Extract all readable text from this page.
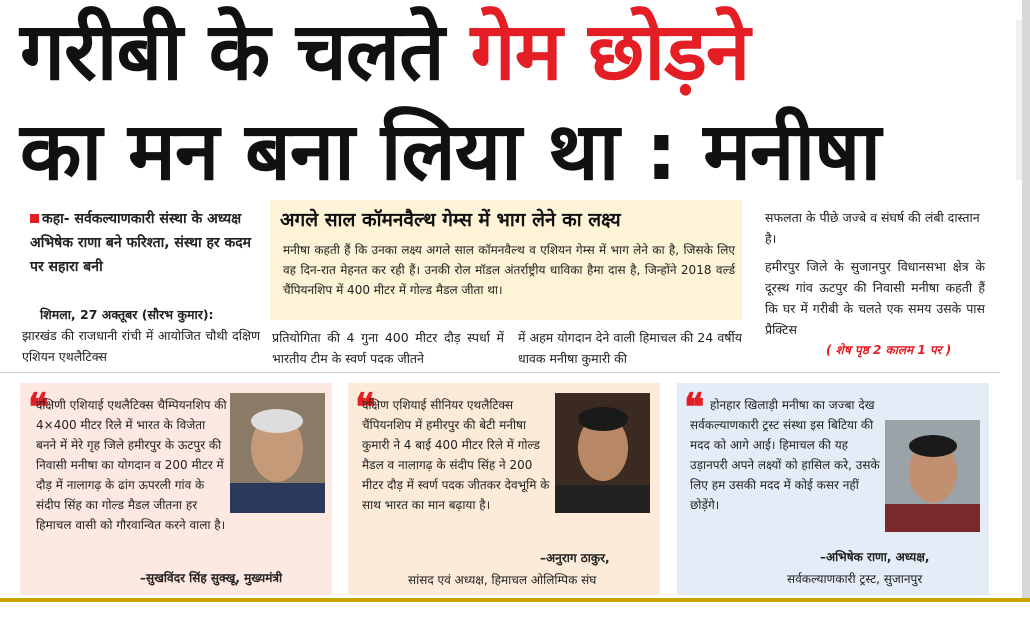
गरीबी के चलते गेम छोड़ने
का मन बना लिया था : मनीषा
कहा- सर्वकल्याणकारी संस्था के अध्यक्ष अभिषेक राणा बने फरिश्ता, संस्था हर कदम पर सहारा बनी
शिमला, 27 अक्तूबर (सौरभ कुमार):
झारखंड की राजधानी रांची में आयोजित चौथी दक्षिण एशियन एथलैटिक्स
अगले साल कॉमनवैल्थ गेम्स में भाग लेने का लक्ष्य
मनीषा कहती हैं कि उनका लक्ष्य अगले साल कॉमनवैल्थ व एशियन गेम्स में भाग लेने का है, जिसके लिए वह दिन-रात मेहनत कर रही हैं। उनकी रोल मॉडल अंतर्राष्ट्रीय धाविका हैमा दास है, जिन्होंने 2018 वर्ल्ड चैंपियनशिप में 400 मीटर में गोल्ड मैडल जीता था।
प्रतियोगिता की 4 गुना 400 मीटर दौड़ स्पर्धा में भारतीय टीम के स्वर्ण पदक जीतने
में अहम योगदान देने वाली हिमाचल की 24 वर्षीय धावक मनीषा कुमारी की
सफलता के पीछे जज्बे व संघर्ष की लंबी दास्तान है।
हमीरपुर जिले के सुजानपुर विधानसभा क्षेत्र के दूरस्थ गांव ऊटपुर की निवासी मनीषा कहती हैं कि घर में गरीबी के चलते एक समय उसके पास प्रैक्टिस
( शेष पृष्ठ 2 कालम 1 पर )
❝
दक्षिणी एशियाई एथलैटिक्स चैम्पियनशिप की 4×400 मीटर रिले में भारत के विजेता बनने में मेरे गृह जिले हमीरपुर के ऊटपुर की निवासी मनीषा का योगदान व 200 मीटर में दौड़ में नालागढ़ के ढांग ऊपरली गांव के संदीप सिंह का गोल्ड मैडल जीतना हर हिमाचल वासी को गौरवान्वित करने वाला है।
–सुखविंदर सिंह सुक्खू, मुख्यमंत्री
❝
दक्षिण एशियाई सीनियर एथलैटिक्स चैंपियनशिप में हमीरपुर की बेटी मनीषा कुमारी ने 4 बाई 400 मीटर रिले में गोल्ड मैडल व नालागढ़ के संदीप सिंह ने 200 मीटर दौड़ में स्वर्ण पदक जीतकर देवभूमि के साथ भारत का मान बढ़ाया है।
–अनुराग ठाकुर,
सांसद एवं अध्यक्ष, हिमाचल ओलिम्पिक संघ
❝ होनहार खिलाड़ी मनीषा का जज्बा देख सर्वकल्याणकारी ट्रस्ट संस्था इस बिटिया की मदद को आगे आई। हिमाचल की यह उड़ानपरी अपने लक्ष्यों को हासिल करे, उसके लिए हम उसकी मदद में कोई कसर नहीं छोड़ेंगे।
–अभिषेक राणा, अध्यक्ष,
सर्वकल्याणकारी ट्रस्ट, सुजानपुर
